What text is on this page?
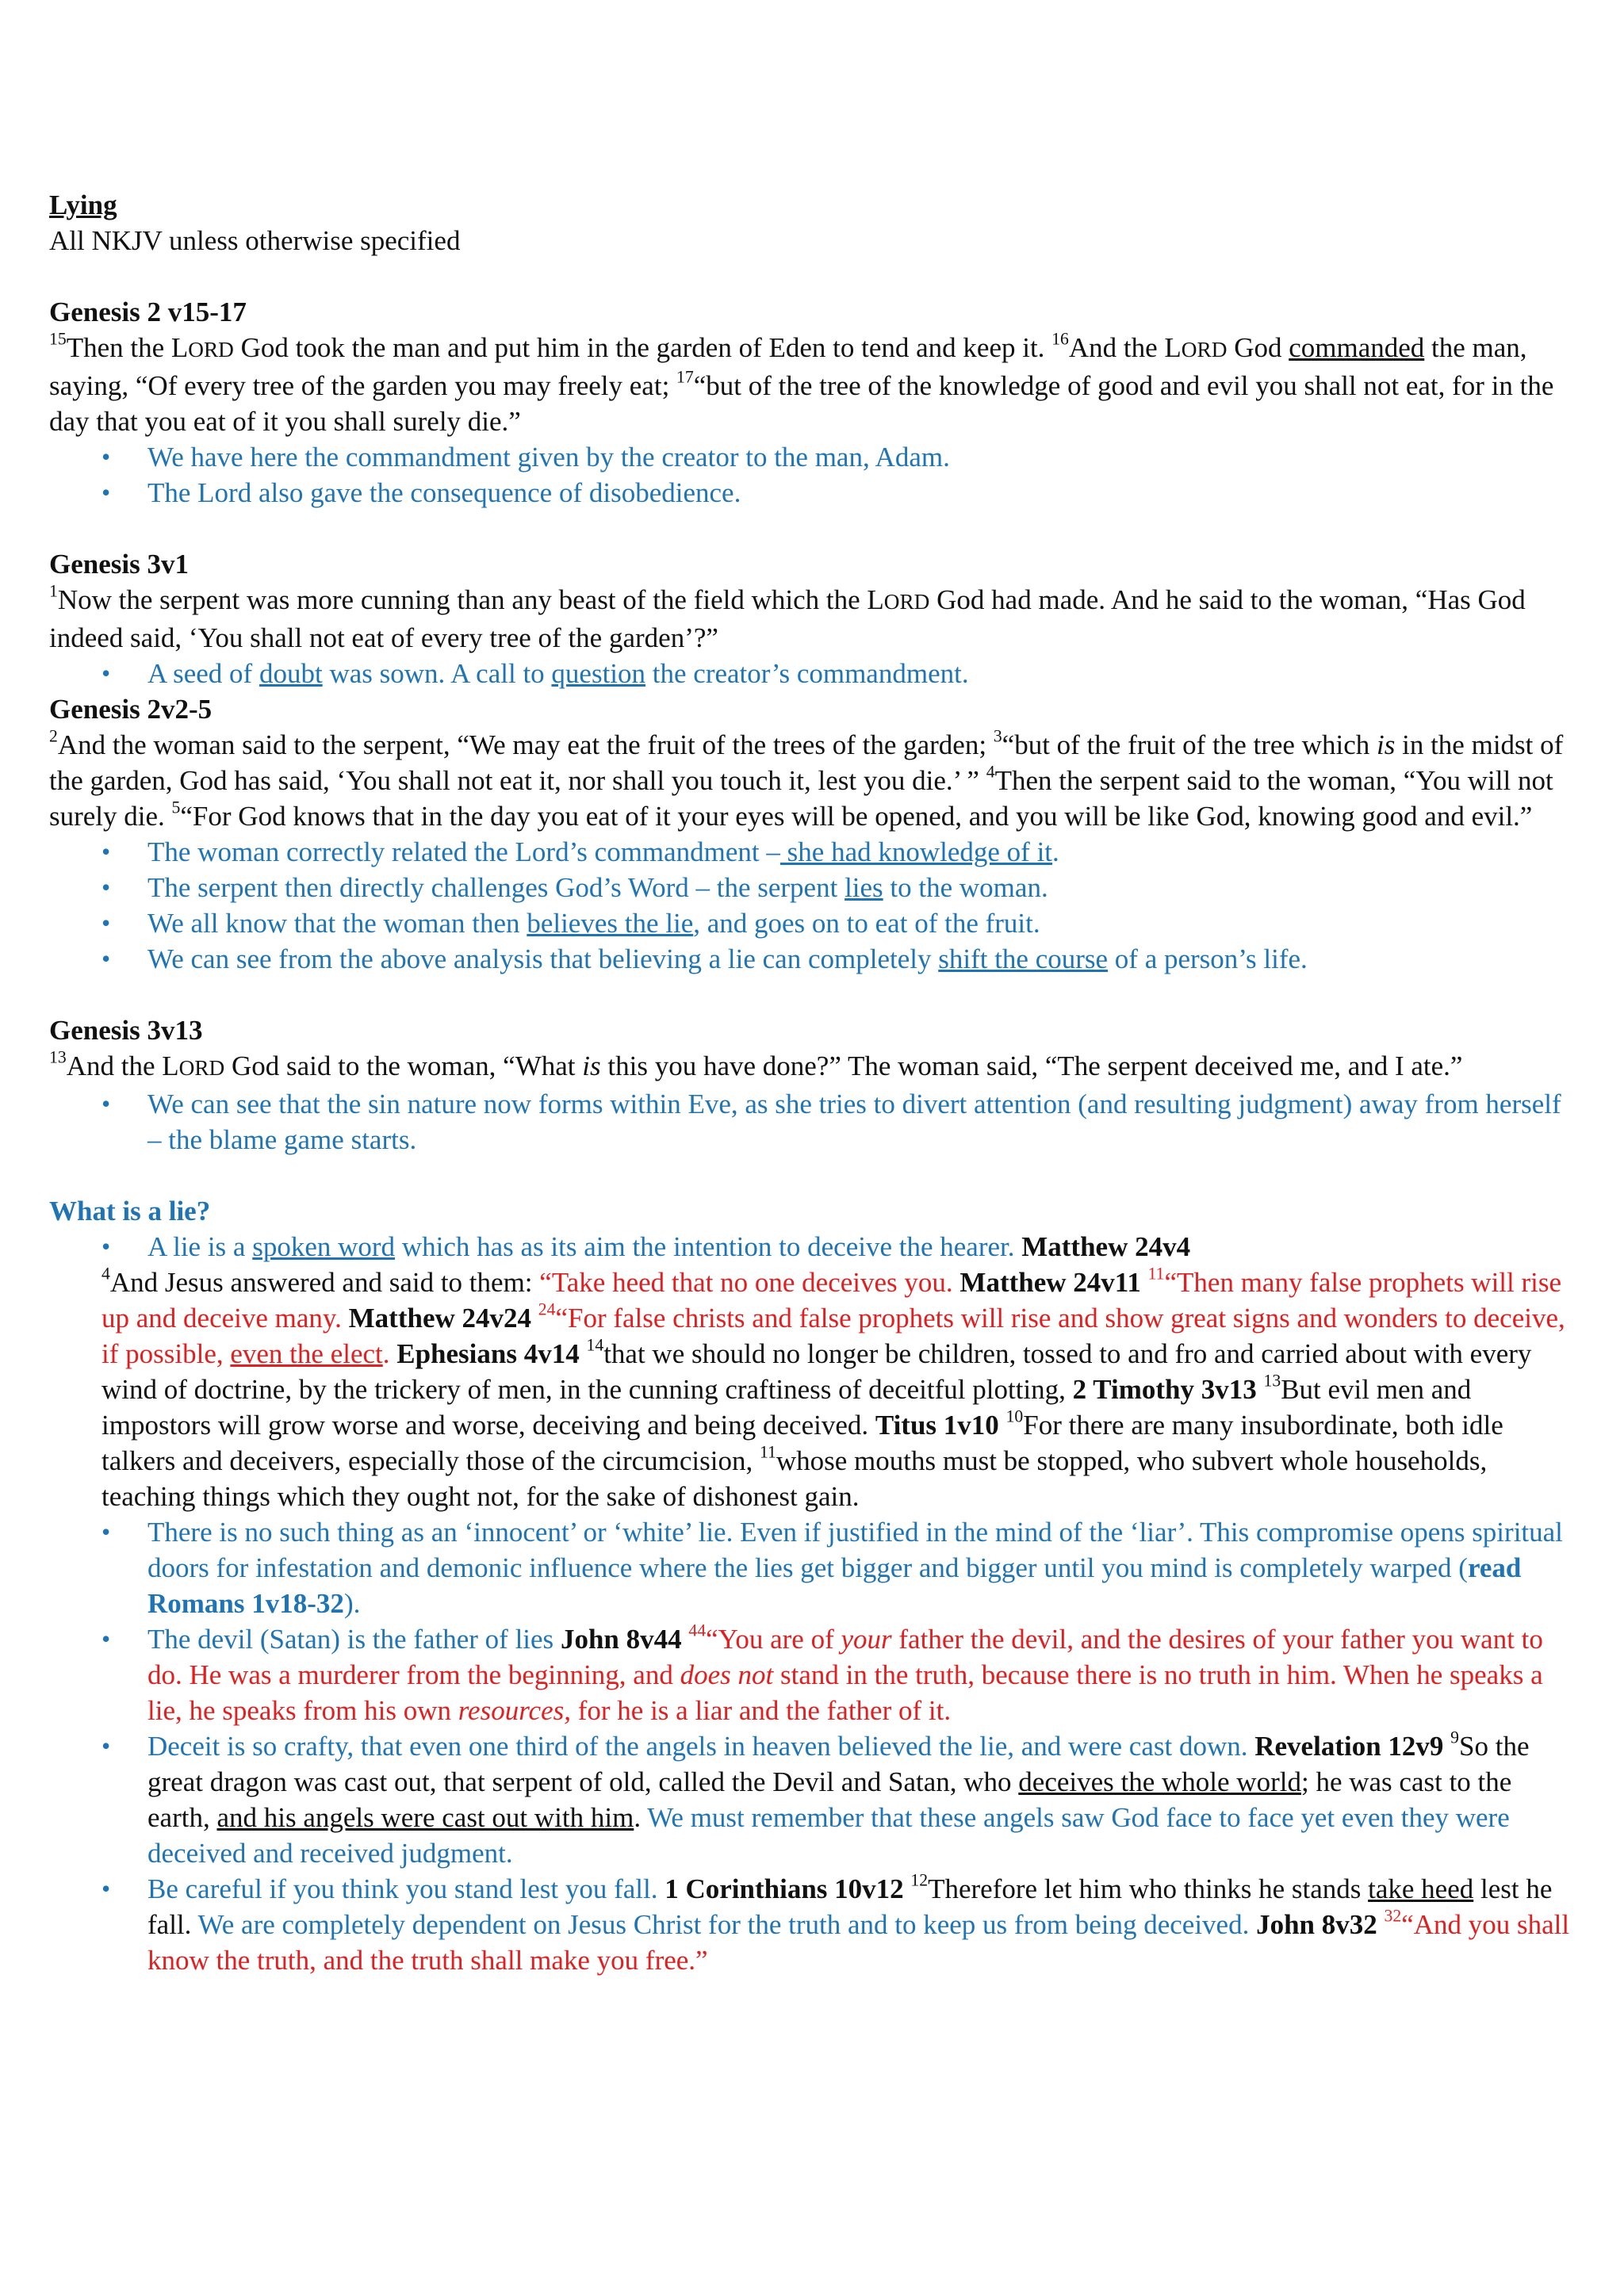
Lying
All NKJV unless otherwise specified
Genesis 2 v15-17
$^{15}$Then the LORD God took the man and put him in the garden of Eden to tend and keep it. $^{16}$And the LORD God commanded the man, saying, “Of every tree of the garden you may freely eat; $^{17}$“but of the tree of the knowledge of good and evil you shall not eat, for in the day that you eat of it you shall surely die.”
• We have here the commandment given by the creator to the man, Adam.
• The Lord also gave the consequence of disobedience.
Genesis 3v1
$^1$Now the serpent was more cunning than any beast of the field which the LORD God had made. And he said to the woman, “Has God indeed said, ‘You shall not eat of every tree of the garden’?”
• A seed of doubt was sown. A call to question the creator’s commandment.
Genesis 2v2-5
$^2$And the woman said to the serpent, “We may eat the fruit of the trees of the garden; $^3$“but of the fruit of the tree which is in the midst of the garden, God has said, ‘You shall not eat it, nor shall you touch it, lest you die.’ ” $^4$Then the serpent said to the woman, “You will not surely die. $^5$“For God knows that in the day you eat of it your eyes will be opened, and you will be like God, knowing good and evil.”
• The woman correctly related the Lord’s commandment – she had knowledge of it.
• The serpent then directly challenges God’s Word – the serpent lies to the woman.
• We all know that the woman then believes the lie, and goes on to eat of the fruit.
• We can see from the above analysis that believing a lie can completely shift the course of a person’s life.
Genesis 3v13
$^{13}$And the LORD God said to the woman, “What is this you have done?” The woman said, “The serpent deceived me, and I ate.”
• We can see that the sin nature now forms within Eve, as she tries to divert attention (and resulting judgment) away from herself – the blame game starts.
What is a lie?
• A lie is a spoken word which has as its aim the intention to deceive the hearer. Matthew 24v4
$^4$And Jesus answered and said to them: “Take heed that no one deceives you. Matthew 24v11 $^{11}$“Then many false prophets will rise up and deceive many. Matthew 24v24 $^{24}$“For false christs and false prophets will rise and show great signs and wonders to deceive, if possible, even the elect. Ephesians 4v14 $^{14}$that we should no longer be children, tossed to and fro and carried about with every wind of doctrine, by the trickery of men, in the cunning craftiness of deceitful plotting, 2 Timothy 3v13 $^{13}$But evil men and impostors will grow worse and worse, deceiving and being deceived. Titus 1v10 $^{10}$For there are many insubordinate, both idle talkers and deceivers, especially those of the circumcision, $^{11}$whose mouths must be stopped, who subvert whole households, teaching things which they ought not, for the sake of dishonest gain.
• There is no such thing as an ‘innocent’ or ‘white’ lie. Even if justified in the mind of the ‘liar’. This compromise opens spiritual doors for infestation and demonic influence where the lies get bigger and bigger until you mind is completely warped (read Romans 1v18-32).
• The devil (Satan) is the father of lies John 8v44 $^{44}$“You are of your father the devil, and the desires of your father you want to do. He was a murderer from the beginning, and does not stand in the truth, because there is no truth in him. When he speaks a lie, he speaks from his own resources, for he is a liar and the father of it.
• Deceit is so crafty, that even one third of the angels in heaven believed the lie, and were cast down. Revelation 12v9 $^9$So the great dragon was cast out, that serpent of old, called the Devil and Satan, who deceives the whole world; he was cast to the earth, and his angels were cast out with him. We must remember that these angels saw God face to face yet even they were deceived and received judgment.
• Be careful if you think you stand lest you fall. 1 Corinthians 10v12 $^{12}$Therefore let him who thinks he stands take heed lest he fall. We are completely dependent on Jesus Christ for the truth and to keep us from being deceived. John 8v32 $^{32}$“And you shall know the truth, and the truth shall make you free.”
